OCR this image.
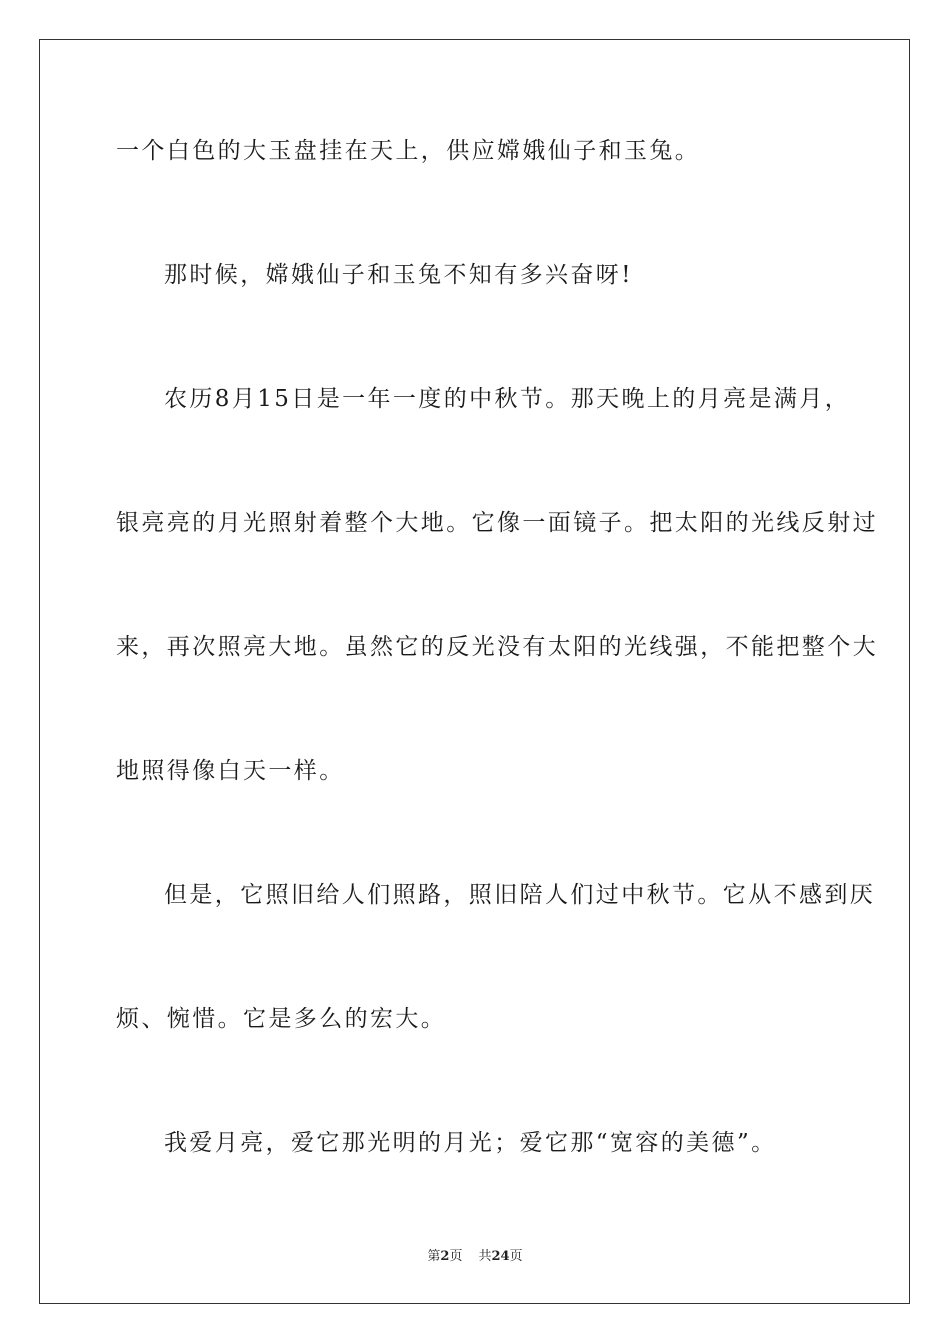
一个白色的大玉盘挂在天上，供应嫦娥仙子和玉兔。
那时候，嫦娥仙子和玉兔不知有多兴奋呀!
农历8月15日是一年一度的中秋节。那天晚上的月亮是满月，
银亮亮的月光照射着整个大地。它像一面镜子。把太阳的光线反射过
来，再次照亮大地。虽然它的反光没有太阳的光线强，不能把整个大
地照得像白天一样。
但是，它照旧给人们照路，照旧陪人们过中秋节。它从不感到厌
烦、惋惜。它是多么的宏大。
我爱月亮，爱它那光明的月光；爱它那“宽容的美德”。
第2页 共24页
